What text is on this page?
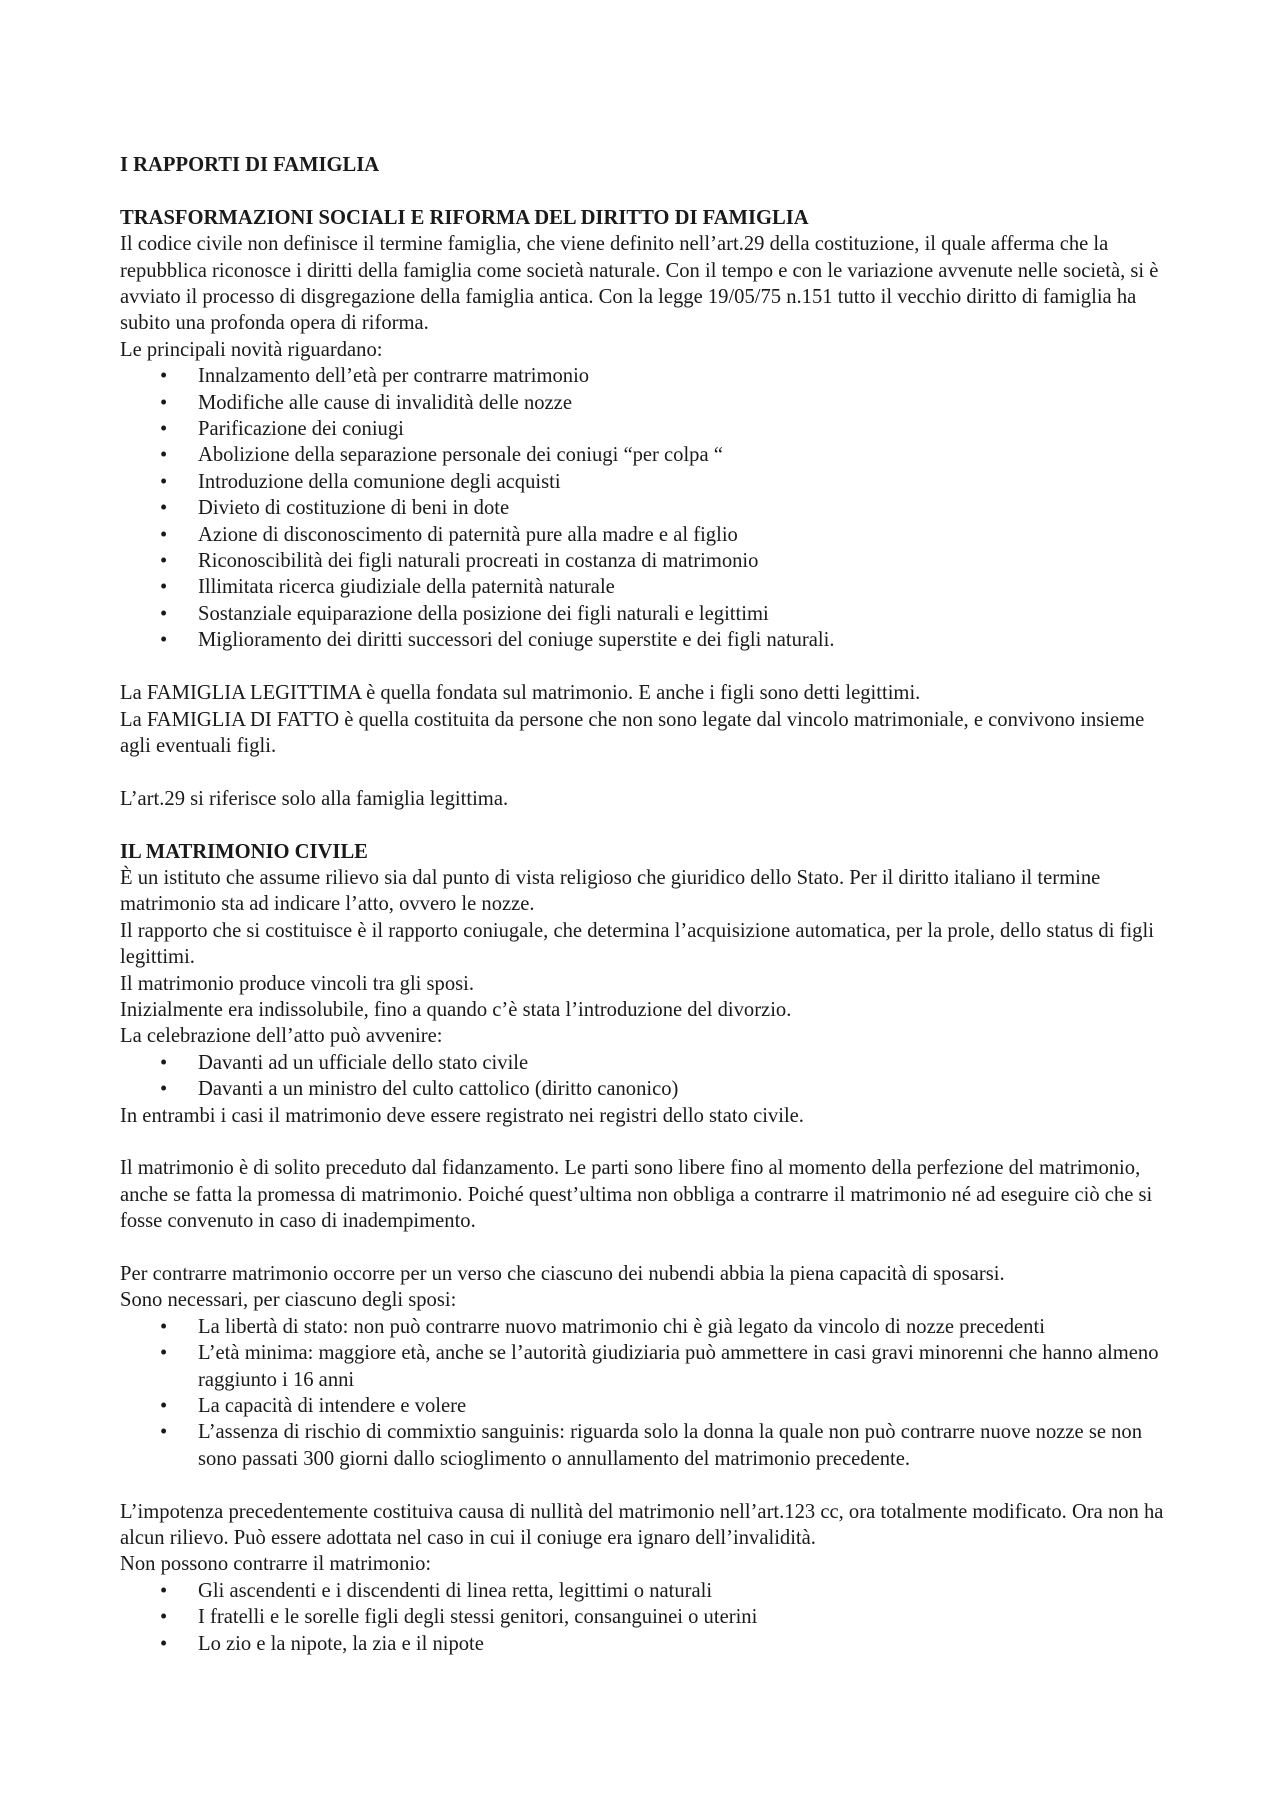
I RAPPORTI DI FAMIGLIA

TRASFORMAZIONI SOCIALI E RIFORMA DEL DIRITTO DI FAMIGLIA

Il codice civile non definisce il termine famiglia, che viene definito nell’art.29 della costituzione, il quale afferma che la repubblica riconosce i diritti della famiglia come società naturale. Con il tempo e con le variazione avvenute nelle società, si è avviato il processo di disgregazione della famiglia antica. Con la legge 19/05/75 n.151 tutto il vecchio diritto di famiglia ha subito una profonda opera di riforma.

Le principali novità riguardano:

• Innalzamento dell’età per contrarre matrimonio
• Modifiche alle cause di invalidità delle nozze
• Parificazione dei coniugi
• Abolizione della separazione personale dei coniugi “per colpa “
• Introduzione della comunione degli acquisti
• Divieto di costituzione di beni in dote
• Azione di disconoscimento di paternità pure alla madre e al figlio
• Riconoscibilità dei figli naturali procreati in costanza di matrimonio
• Illimitata ricerca giudiziale della paternità naturale
• Sostanziale equiparazione della posizione dei figli naturali e legittimi
• Miglioramento dei diritti successori del coniuge superstite e dei figli naturali.

La FAMIGLIA LEGITTIMA è quella fondata sul matrimonio. E anche i figli sono detti legittimi.

La FAMIGLIA DI FATTO è quella costituita da persone che non sono legate dal vincolo matrimoniale, e convivono insieme agli eventuali figli.

L’art.29 si riferisce solo alla famiglia legittima.

IL MATRIMONIO CIVILE

È un istituto che assume rilievo sia dal punto di vista religioso che giuridico dello Stato. Per il diritto italiano il termine matrimonio sta ad indicare l’atto, ovvero le nozze.

Il rapporto che si costituisce è il rapporto coniugale, che determina l’acquisizione automatica, per la prole, dello status di figli legittimi.

Il matrimonio produce vincoli tra gli sposi.

Inizialmente era indissolubile, fino a quando c’è stata l’introduzione del divorzio.

La celebrazione dell’atto può avvenire:

• Davanti ad un ufficiale dello stato civile
• Davanti a un ministro del culto cattolico (diritto canonico)

In entrambi i casi il matrimonio deve essere registrato nei registri dello stato civile.

Il matrimonio è di solito preceduto dal fidanzamento. Le parti sono libere fino al momento della perfezione del matrimonio, anche se fatta la promessa di matrimonio. Poiché quest’ultima non obbliga a contrarre il matrimonio né ad eseguire ciò che si fosse convenuto in caso di inadempimento.

Per contrarre matrimonio occorre per un verso che ciascuno dei nubendi abbia la piena capacità di sposarsi.

Sono necessari, per ciascuno degli sposi:

• La libertà di stato: non può contrarre nuovo matrimonio chi è già legato da vincolo di nozze precedenti
• L’età minima: maggiore età, anche se l’autorità giudiziaria può ammettere in casi gravi minorenni che hanno almeno raggiunto i 16 anni
• La capacità di intendere e volere
• L’assenza di rischio di commixtio sanguinis: riguarda solo la donna la quale non può contrarre nuove nozze se non sono passati 300 giorni dallo scioglimento o annullamento del matrimonio precedente.

L’impotenza precedentemente costituiva causa di nullità del matrimonio nell’art.123 cc, ora totalmente modificato. Ora non ha alcun rilievo. Può essere adottata nel caso in cui il coniuge era ignaro dell’invalidità.

Non possono contrarre il matrimonio:

• Gli ascendenti e i discendenti di linea retta, legittimi o naturali
• I fratelli e le sorelle figli degli stessi genitori, consanguinei o uterini
• Lo zio e la nipote, la zia e il nipote
